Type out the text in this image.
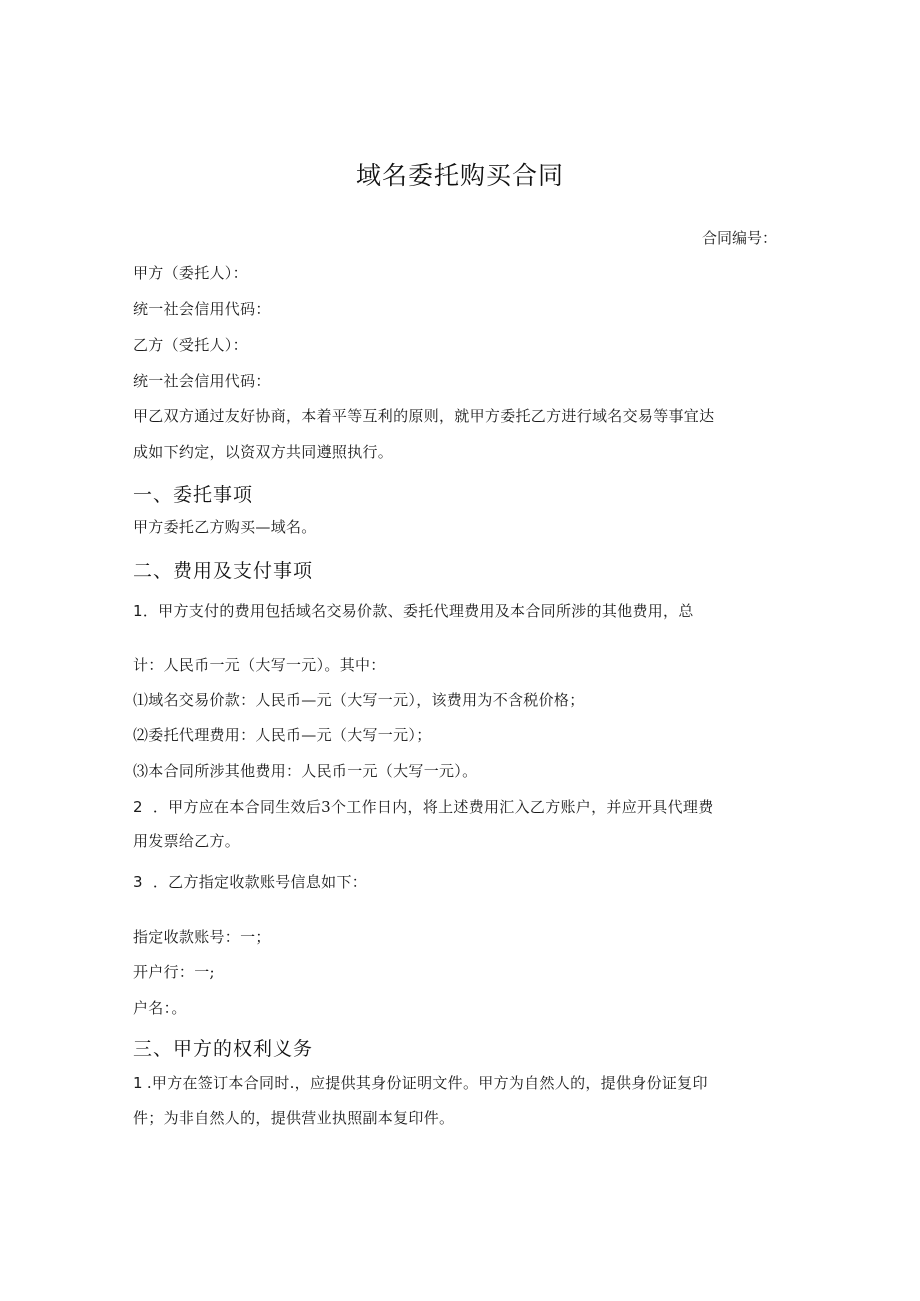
域名委托购买合同
合同编号：
甲方（委托人）：
统一社会信用代码：
乙方（受托人）：
统一社会信用代码：
甲乙双方通过友好协商，本着平等互利的原则，就甲方委托乙方进行域名交易等事宜达
成如下约定，以资双方共同遵照执行。
一、委托事项
甲方委托乙方购买—域名。
二、费用及支付事项
1．甲方支付的费用包括域名交易价款、委托代理费用及本合同所涉的其他费用，总
计：人民币一元（大写一元）。其中：
⑴域名交易价款：人民币—元（大写一元），该费用为不含税价格；
⑵委托代理费用：人民币—元（大写一元）；
⑶本合同所涉其他费用：人民币一元（大写一元）。
2 ．甲方应在本合同生效后3个工作日内，将上述费用汇入乙方账户，并应开具代理费
用发票给乙方。
3 ．乙方指定收款账号信息如下：
指定收款账号：一；
开户行：一;
户名：。
三、甲方的权利义务
1 .甲方在签订本合同时.，应提供其身份证明文件。甲方为自然人的，提供身份证复印
件；为非自然人的，提供营业执照副本复印件。
